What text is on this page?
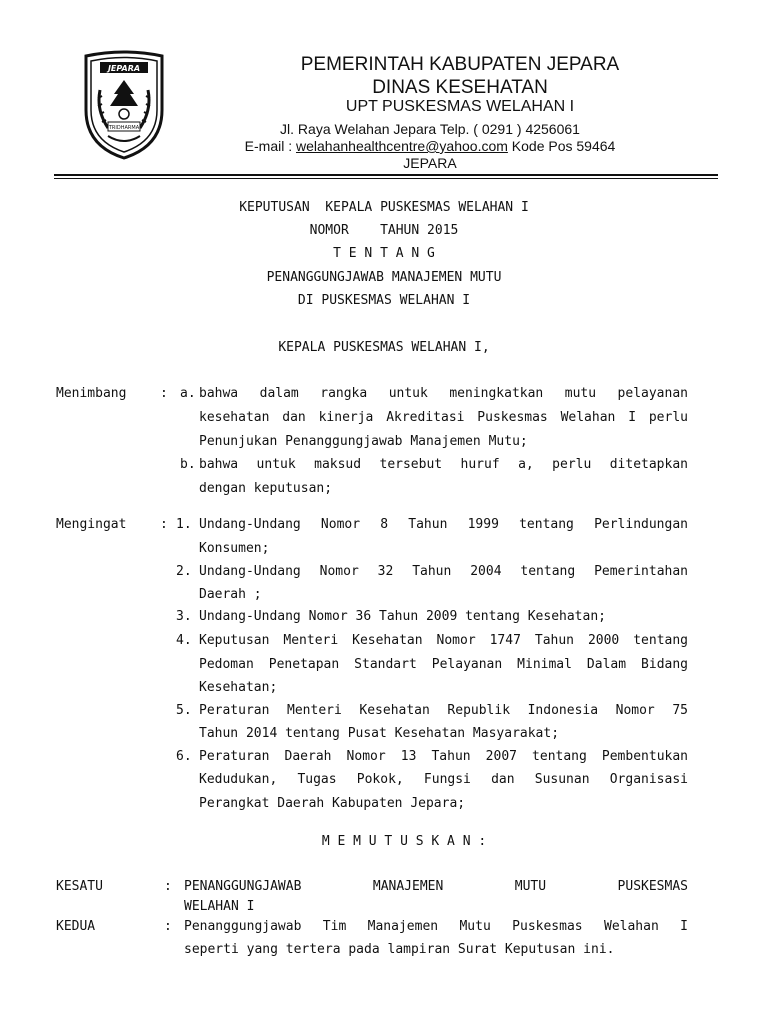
JEPARA
TRIDHARMA
PEMERINTAH KABUPATEN JEPARA
DINAS KESEHATAN
UPT PUSKESMAS WELAHAN I
Jl. Raya Welahan Jepara Telp. ( 0291 ) 4256061
E-mail : welahanhealthcentre@yahoo.com Kode Pos 59464
JEPARA
KEPUTUSAN  KEPALA PUSKESMAS WELAHAN I
NOMOR    TAHUN 2015
T E N T A N G
PENANGGUNGJAWAB MANAJEMEN MUTU
DI PUSKESMAS WELAHAN I
KEPALA PUSKESMAS WELAHAN I,
Menimbang	: a. bahwa dalam rangka untuk meningkatkan mutu pelayanan
kesehatan dan kinerja Akreditasi Puskesmas Welahan I perlu
Penunjukan Penanggungjawab Manajemen Mutu;
b. bahwa untuk maksud tersebut huruf a, perlu ditetapkan
dengan keputusan;
Mengingat	: 1. Undang-Undang Nomor 8 Tahun 1999 tentang Perlindungan
Konsumen;
2. Undang-Undang Nomor 32 Tahun 2004 tentang Pemerintahan
Daerah ;
3. Undang-Undang Nomor 36 Tahun 2009 tentang Kesehatan;
4. Keputusan Menteri Kesehatan Nomor 1747 Tahun 2000 tentang
Pedoman Penetapan Standart Pelayanan Minimal Dalam Bidang
Kesehatan;
5. Peraturan Menteri Kesehatan Republik Indonesia Nomor 75
Tahun 2014 tentang Pusat Kesehatan Masyarakat;
6. Peraturan Daerah Nomor 13 Tahun 2007 tentang Pembentukan
Kedudukan, Tugas Pokok, Fungsi dan Susunan Organisasi
Perangkat Daerah Kabupaten Jepara;
M E M U T U S K A N :
KESATU	: PENANGGUNGJAWAB MANAJEMEN MUTU PUSKESMAS
WELAHAN I
KEDUA	: Penanggungjawab Tim Manajemen Mutu Puskesmas Welahan I
seperti yang tertera pada lampiran Surat Keputusan ini.
